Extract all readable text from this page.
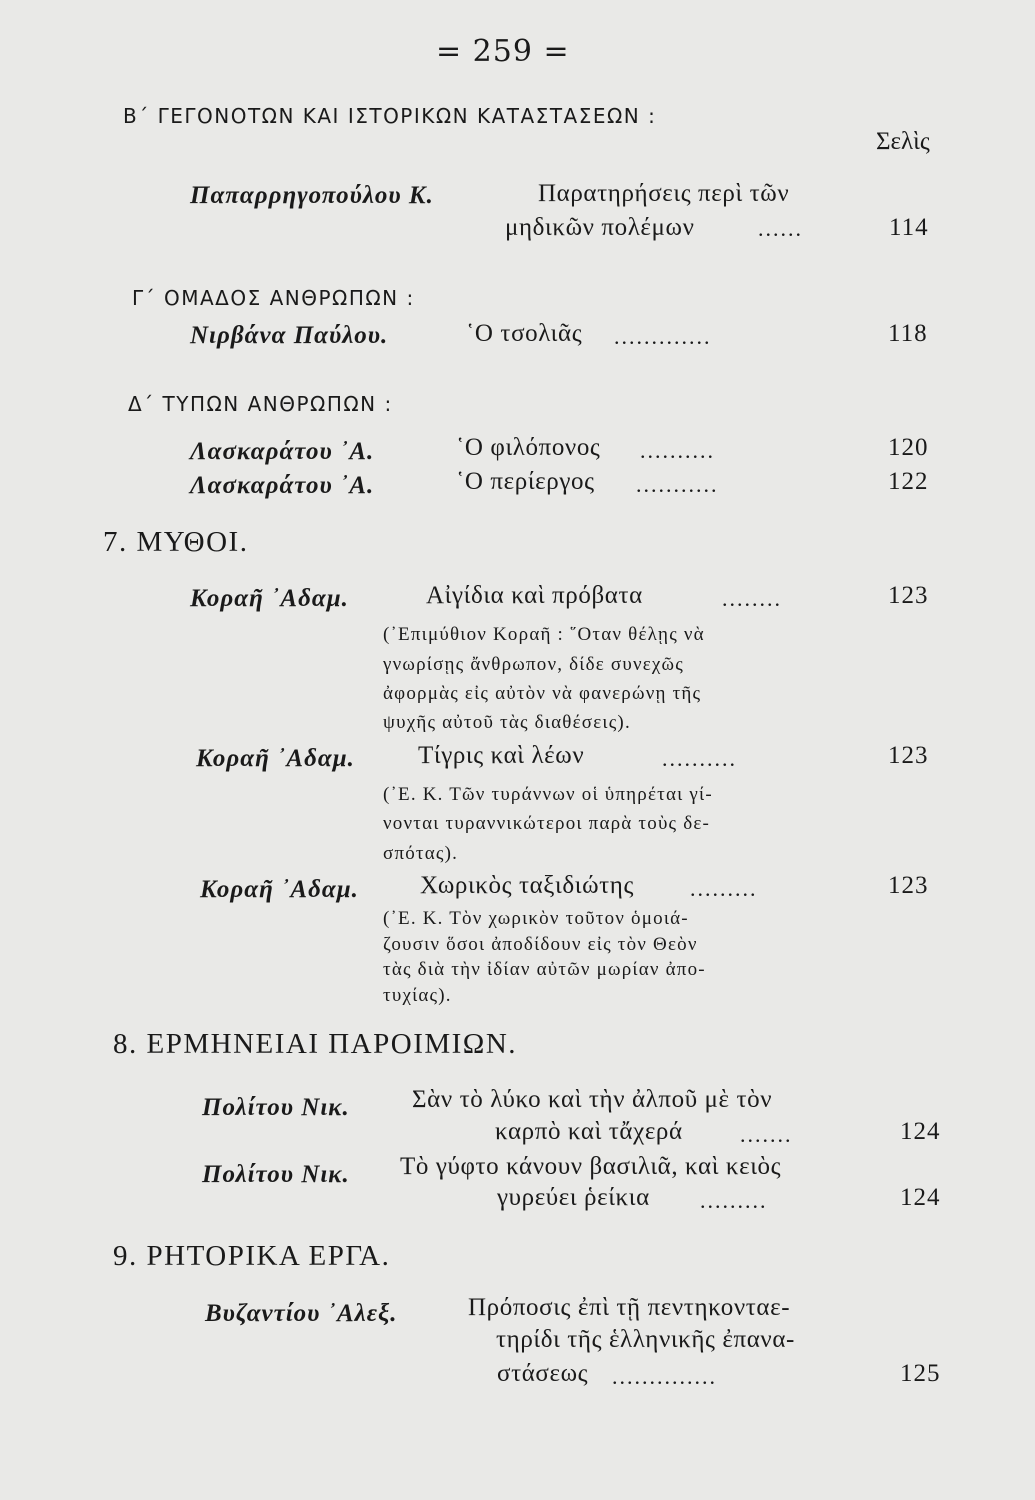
= 259 =
Β΄ ΓΕΓΟΝΟΤΩΝ ΚΑΙ ΙΣΤΟΡΙΚΩΝ ΚΑΤΑΣΤΑΣΕΩΝ :
Σελὶς
Παπαρρηγοπούλου Κ.	Παρατηρήσεις περὶ τῶν
μηδικῶν πολέμων	......	114
Γ΄ ΟΜΑΔΟΣ ΑΝΘΡΩΠΩΝ :
Νιρβάνα Παύλου.	῾Ο τσολιᾶς .............	118
Δ΄ ΤΥΠΩΝ ΑΝΘΡΩΠΩΝ :
Λασκαράτου ᾿Α.	῾Ο φιλόπονος ..........	120
Λασκαράτου ᾿Α.	῾Ο περίεργος ...........	122
7. ΜΥΘΟΙ.
Κοραῆ ᾿Αδαμ.	Αἰγίδια καὶ πρόβατα	........	123
(᾿Επιμύθιον Κοραῆ : ῞Οταν θέλῃς νὰ
γνωρίσῃς ἄνθρωπον, δίδε συνεχῶς
ἀφορμὰς εἰς αὐτὸν νὰ φανερώνῃ τῆς
ψυχῆς αὐτοῦ τὰς διαθέσεις).
Κοραῆ ᾿Αδαμ.	Τίγρις καὶ λέων	..........	123
(᾿Ε. Κ. Τῶν τυράννων οἱ ὑπηρέται γί-
νονται τυραννικώτεροι παρὰ τοὺς δε-
σπότας).
Κοραῆ ᾿Αδαμ. Χωρικὸς ταξιδιώτης	.........	123
(᾿Ε. Κ. Τὸν χωρικὸν τοῦτον ὁμοιά-
ζουσιν ὅσοι ἀποδίδουν εἰς τὸν Θεὸν
τὰς διὰ τὴν ἰδίαν αὐτῶν μωρίαν ἀπο-
τυχίας).
8. ΕΡΜΗΝΕΙΑΙ ΠΑΡΟΙΜΙΩΝ.
Πολίτου Νικ. Σὰν τὸ λύκο καὶ τὴν ἀλποῦ μὲ τὸν
καρπὸ καὶ τἄχερά	.......	124
Πολίτου Νικ. Τὸ γύφτο κάνουν βασιλιᾶ, καὶ κειὸς
γυρεύει ῥείκια .........	124
9. ΡΗΤΟΡΙΚΑ ΕΡΓΑ.
Βυζαντίου ᾿Αλεξ.	Πρόποσις ἐπὶ τῇ πεντηκονταε-
τηρίδι τῆς ἑλληνικῆς ἐπανα-
στάσεως ..............	125
